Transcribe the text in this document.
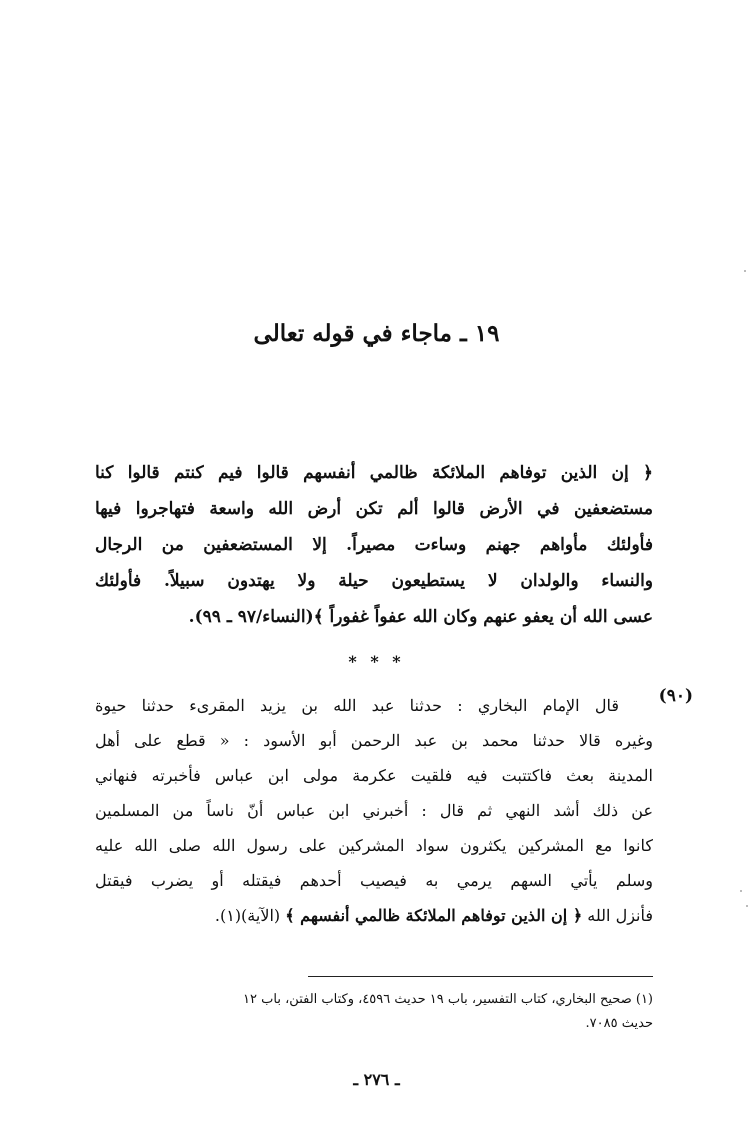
١٩ ـ ماجاء في قوله تعالى
﴿ إن الذين توفاهم الملائكة ظالمي أنفسهم قالوا فيم كنتم قالوا كنا
مستضعفين في الأرض قالوا ألم تكن أرض الله واسعة فتهاجروا فيها
فأولئك مأواهم جهنم وساءت مصيراً. إلا المستضعفين من الرجال
والنساء والولدان لا يستطيعون حيلة ولا يهتدون سبيلاً. فأولئك
عسى الله أن يعفو عنهم وكان الله عفواً غفوراً ﴾(النساء/٩٧ ـ ٩٩).
* * *
(٩٠)
قال الإمام البخاري : حدثنا عبد الله بن يزيد المقرىء حدثنا حيوة
وغيره قالا حدثنا محمد بن عبد الرحمن أبو الأسود : « قطع على أهل
المدينة بعث فاكتتبت فيه فلقيت عكرمة مولى ابن عباس فأخبرته فنهاني
عن ذلك أشد النهي ثم قال : أخبرني ابن عباس أنّ ناساً من المسلمين
كانوا مع المشركين يكثرون سواد المشركين على رسول الله صلى الله عليه
وسلم يأتي السهم يرمي به فيصيب أحدهم فيقتله أو يضرب فيقتل
فأنزل الله ﴿ إن الذين توفاهم الملائكة ظالمي أنفسهم ﴾ (الآية)(١).
(١) صحيح البخاري، كتاب التفسير، باب ١٩ حديث ٤٥٩٦، وكتاب الفتن، باب ١٢
حديث ٧٠٨٥.
ـ ٢٧٦ ـ
